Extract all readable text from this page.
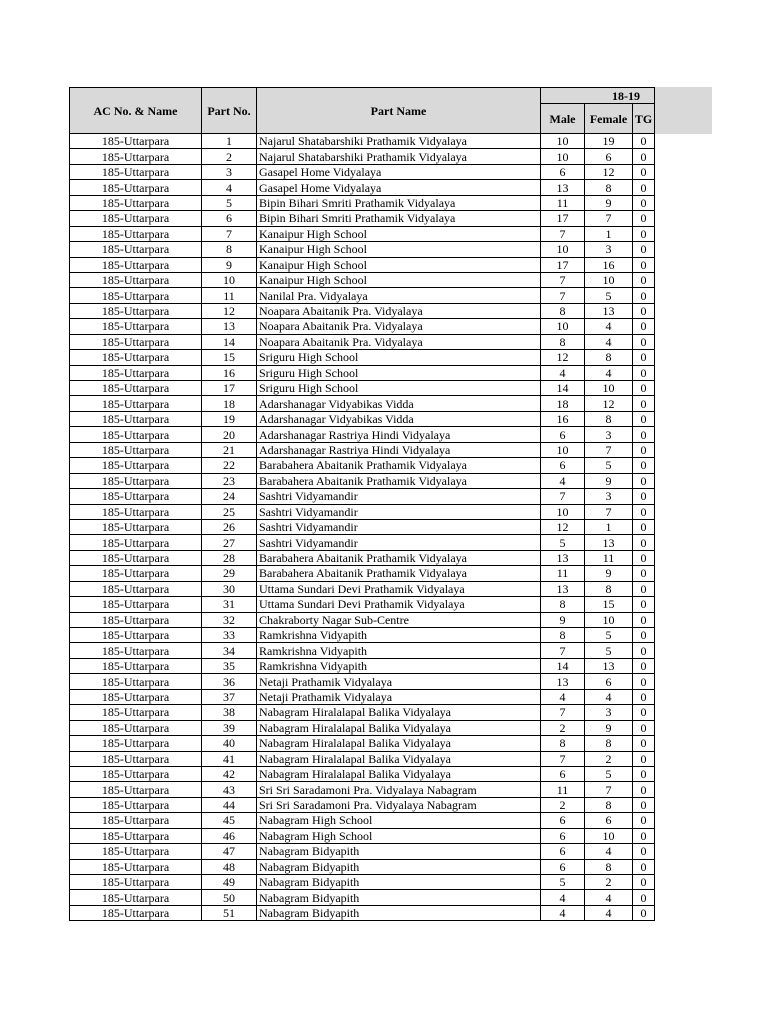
AC No. & Name	Part No.	Part Name	18-19		
			Male	Female	TG
185-Uttarpara	1	Najarul Shatabarshiki Prathamik Vidyalaya	10	19	0
185-Uttarpara	2	Najarul Shatabarshiki Prathamik Vidyalaya	10	6	0
185-Uttarpara	3	Gasapel Home Vidyalaya	6	12	0
185-Uttarpara	4	Gasapel Home Vidyalaya	13	8	0
185-Uttarpara	5	Bipin Bihari Smriti Prathamik Vidyalaya	11	9	0
185-Uttarpara	6	Bipin Bihari Smriti Prathamik Vidyalaya	17	7	0
185-Uttarpara	7	Kanaipur High School	7	1	0
185-Uttarpara	8	Kanaipur High School	10	3	0
185-Uttarpara	9	Kanaipur High School	17	16	0
185-Uttarpara	10	Kanaipur High School	7	10	0
185-Uttarpara	11	Nanilal Pra. Vidyalaya	7	5	0
185-Uttarpara	12	Noapara Abaitanik Pra. Vidyalaya	8	13	0
185-Uttarpara	13	Noapara Abaitanik Pra. Vidyalaya	10	4	0
185-Uttarpara	14	Noapara Abaitanik Pra. Vidyalaya	8	4	0
185-Uttarpara	15	Sriguru High School	12	8	0
185-Uttarpara	16	Sriguru High School	4	4	0
185-Uttarpara	17	Sriguru High School	14	10	0
185-Uttarpara	18	Adarshanagar Vidyabikas Vidda	18	12	0
185-Uttarpara	19	Adarshanagar Vidyabikas Vidda	16	8	0
185-Uttarpara	20	Adarshanagar Rastriya Hindi Vidyalaya	6	3	0
185-Uttarpara	21	Adarshanagar Rastriya Hindi Vidyalaya	10	7	0
185-Uttarpara	22	Barabahera Abaitanik Prathamik Vidyalaya	6	5	0
185-Uttarpara	23	Barabahera Abaitanik Prathamik Vidyalaya	4	9	0
185-Uttarpara	24	Sashtri Vidyamandir	7	3	0
185-Uttarpara	25	Sashtri Vidyamandir	10	7	0
185-Uttarpara	26	Sashtri Vidyamandir	12	1	0
185-Uttarpara	27	Sashtri Vidyamandir	5	13	0
185-Uttarpara	28	Barabahera Abaitanik Prathamik Vidyalaya	13	11	0
185-Uttarpara	29	Barabahera Abaitanik Prathamik Vidyalaya	11	9	0
185-Uttarpara	30	Uttama Sundari Devi Prathamik Vidyalaya	13	8	0
185-Uttarpara	31	Uttama Sundari Devi Prathamik Vidyalaya	8	15	0
185-Uttarpara	32	Chakraborty Nagar Sub-Centre	9	10	0
185-Uttarpara	33	Ramkrishna Vidyapith	8	5	0
185-Uttarpara	34	Ramkrishna Vidyapith	7	5	0
185-Uttarpara	35	Ramkrishna Vidyapith	14	13	0
185-Uttarpara	36	Netaji Prathamik Vidyalaya	13	6	0
185-Uttarpara	37	Netaji Prathamik Vidyalaya	4	4	0
185-Uttarpara	38	Nabagram Hiralalapal Balika Vidyalaya	7	3	0
185-Uttarpara	39	Nabagram Hiralalapal Balika Vidyalaya	2	9	0
185-Uttarpara	40	Nabagram Hiralalapal Balika Vidyalaya	8	8	0
185-Uttarpara	41	Nabagram Hiralalapal Balika Vidyalaya	7	2	0
185-Uttarpara	42	Nabagram Hiralalapal Balika Vidyalaya	6	5	0
185-Uttarpara	43	Sri Sri Saradamoni Pra. Vidyalaya Nabagram	11	7	0
185-Uttarpara	44	Sri Sri Saradamoni Pra. Vidyalaya Nabagram	2	8	0
185-Uttarpara	45	Nabagram High School	6	6	0
185-Uttarpara	46	Nabagram High School	6	10	0
185-Uttarpara	47	Nabagram Bidyapith	6	4	0
185-Uttarpara	48	Nabagram Bidyapith	6	8	0
185-Uttarpara	49	Nabagram Bidyapith	5	2	0
185-Uttarpara	50	Nabagram Bidyapith	4	4	0
185-Uttarpara	51	Nabagram Bidyapith	4	4	0
